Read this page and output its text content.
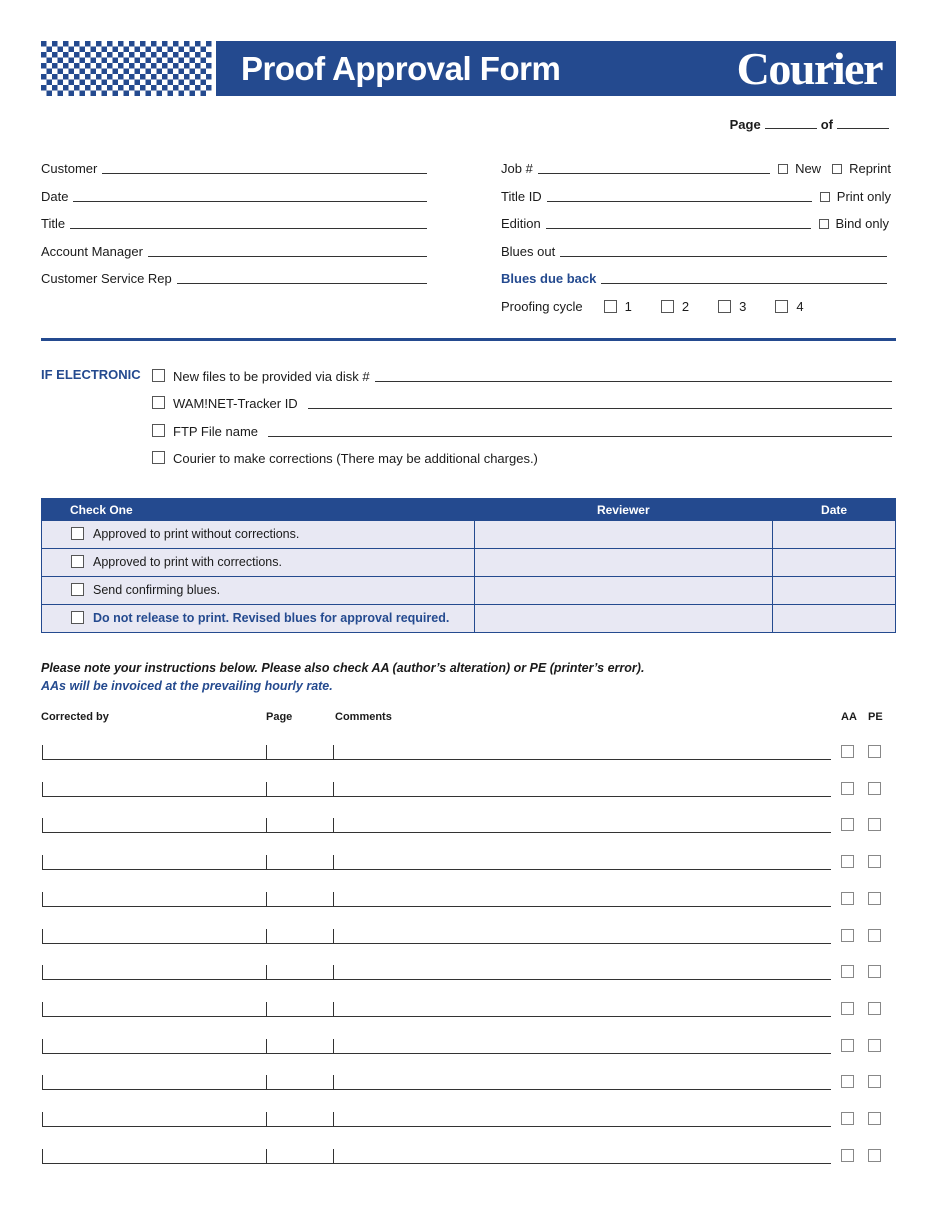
Proof Approval Form	Courier
Page	of
Customer
Date
Title
Account Manager
Customer Service Rep
Job #	New Reprint
Title ID	Print only
Edition	Bind only
Blues out
Blues due back
Proofing cycle	1	2	3	4
IF ELECTRONIC New files to be provided via disk #
WAM!NET-Tracker ID
FTP File name
Courier to make corrections (There may be additional charges.)
Check One	Reviewer	Date
Approved to print without corrections.		
Approved to print with corrections.		
Send confirming blues.		
Do not release to print. Revised blues for approval required.		
Please note your instructions below. Please also check AA (author’s alteration) or PE (printer’s error).
AAs will be invoiced at the prevailing hourly rate.
Corrected by	Page	Comments	AA PE
